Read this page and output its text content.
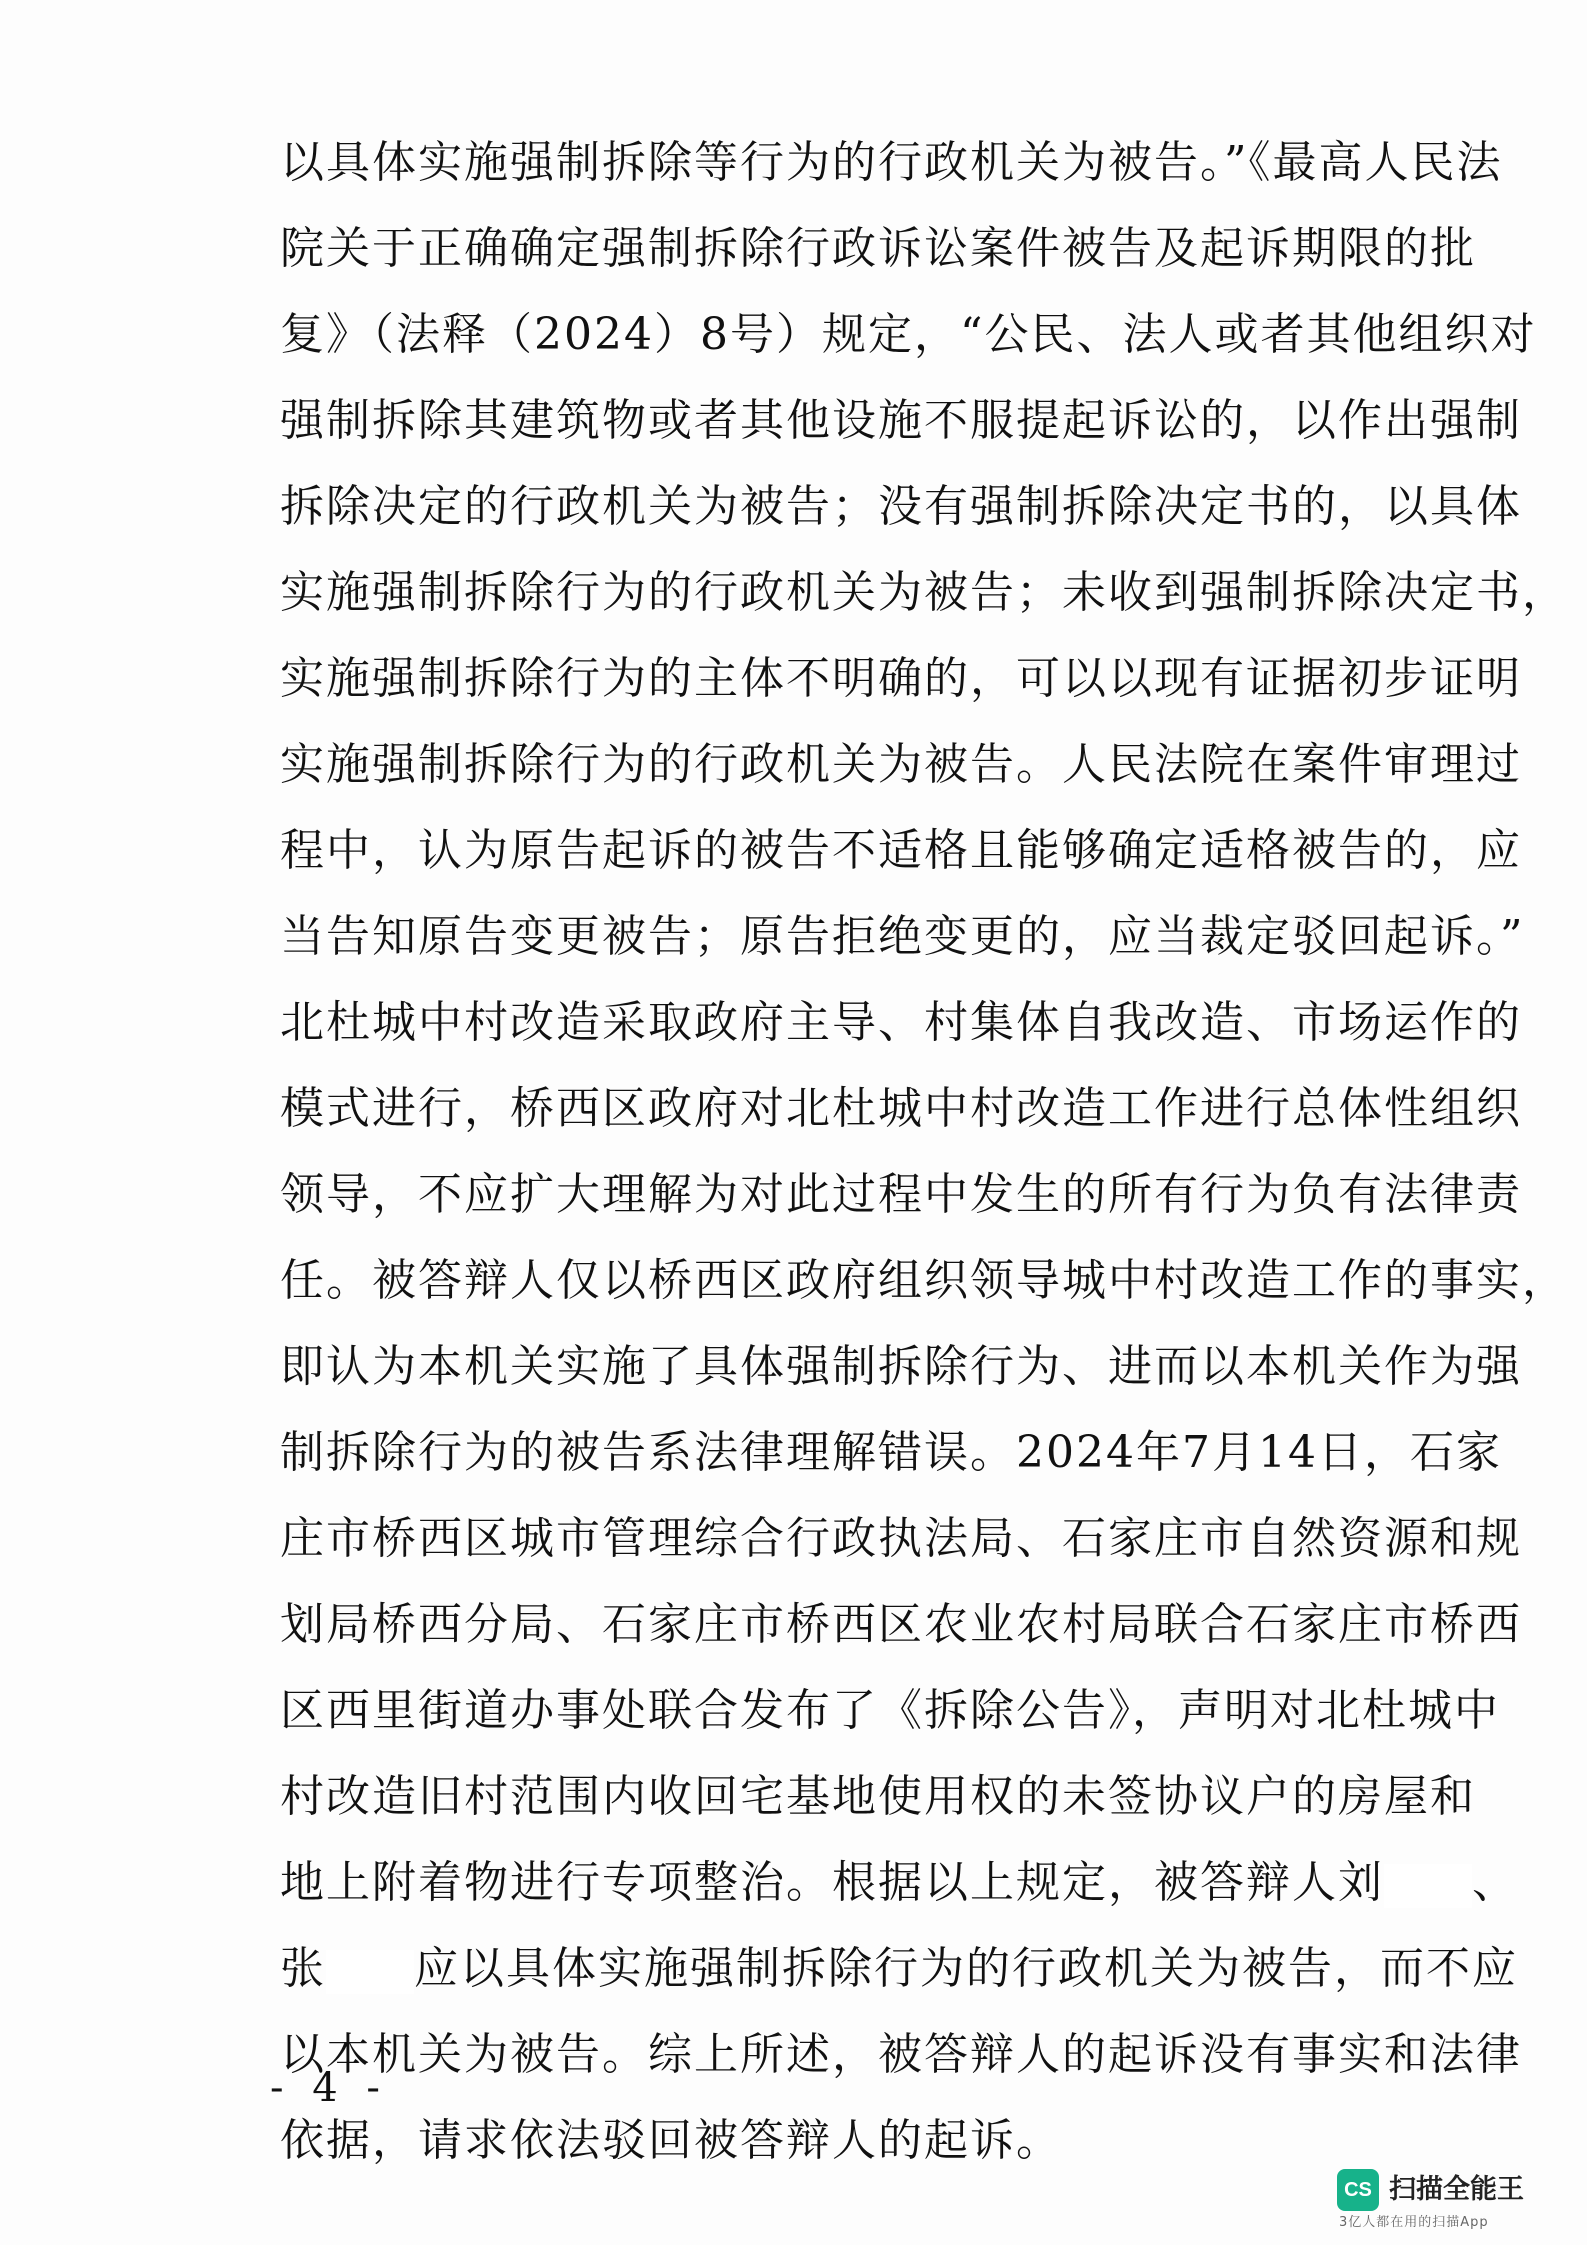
以具体实施强制拆除等行为的行政机关为被告。”《最高人民法
院关于正确确定强制拆除行政诉讼案件被告及起诉期限的批
复》（法释（2024）8号）规定，“公民、法人或者其他组织对
强制拆除其建筑物或者其他设施不服提起诉讼的，以作出强制
拆除决定的行政机关为被告；没有强制拆除决定书的，以具体
实施强制拆除行为的行政机关为被告；未收到强制拆除决定书，
实施强制拆除行为的主体不明确的，可以以现有证据初步证明
实施强制拆除行为的行政机关为被告。人民法院在案件审理过
程中，认为原告起诉的被告不适格且能够确定适格被告的，应
当告知原告变更被告；原告拒绝变更的，应当裁定驳回起诉。”
北杜城中村改造采取政府主导、村集体自我改造、市场运作的
模式进行，桥西区政府对北杜城中村改造工作进行总体性组织
领导，不应扩大理解为对此过程中发生的所有行为负有法律责
任。被答辩人仅以桥西区政府组织领导城中村改造工作的事实，
即认为本机关实施了具体强制拆除行为、进而以本机关作为强
制拆除行为的被告系法律理解错误。2024年7月14日，石家
庄市桥西区城市管理综合行政执法局、石家庄市自然资源和规
划局桥西分局、石家庄市桥西区农业农村局联合石家庄市桥西
区西里街道办事处联合发布了《拆除公告》，声明对北杜城中
村改造旧村范围内收回宅基地使用权的未签协议户的房屋和
地上附着物进行专项整治。根据以上规定，被答辩人刘 、
张 应以具体实施强制拆除行为的行政机关为被告，而不应
以本机关为被告。综上所述，被答辩人的起诉没有事实和法律
依据，请求依法驳回被答辩人的起诉。
- 4 -
CS 扫描全能王
3亿人都在用的扫描App
